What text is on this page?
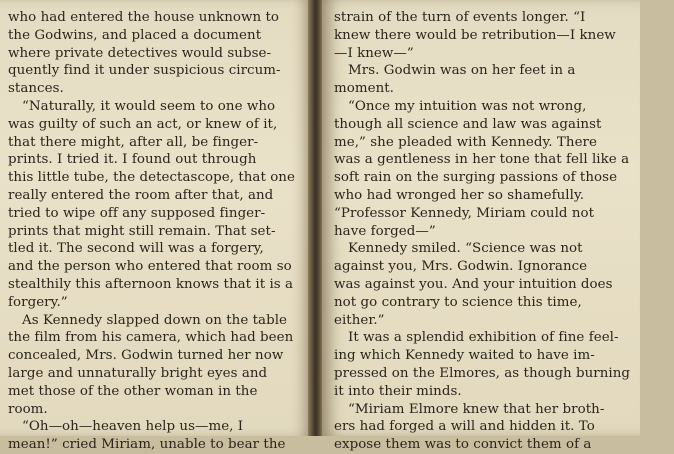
who had entered the house unknown to
the Godwins, and placed a document
where private detectives would subse-
quently find it under suspicious circum-
stances.
“Naturally, it would seem to one who
was guilty of such an act, or knew of it,
that there might, after all, be finger-
prints. I tried it. I found out through
this little tube, the detectascope, that one
really entered the room after that, and
tried to wipe off any supposed finger-
prints that might still remain. That set-
tled it. The second will was a forgery,
and the person who entered that room so
stealthily this afternoon knows that it is a
forgery.”
As Kennedy slapped down on the table
the film from his camera, which had been
concealed, Mrs. Godwin turned her now
large and unnaturally bright eyes and
met those of the other woman in the
room.
“Oh—oh—heaven help us—me, I
mean!” cried Miriam, unable to bear the
strain of the turn of events longer. “I
knew there would be retribution—I knew
—I knew—”
Mrs. Godwin was on her feet in a
moment.
“Once my intuition was not wrong,
though all science and law was against
me,” she pleaded with Kennedy. There
was a gentleness in her tone that fell like a
soft rain on the surging passions of those
who had wronged her so shamefully.
“Professor Kennedy, Miriam could not
have forged—”
Kennedy smiled. “Science was not
against you, Mrs. Godwin. Ignorance
was against you. And your intuition does
not go contrary to science this time,
either.”
It was a splendid exhibition of fine feel-
ing which Kennedy waited to have im-
pressed on the Elmores, as though burning
it into their minds.
“Miriam Elmore knew that her broth-
ers had forged a will and hidden it. To
expose them was to convict them of a
